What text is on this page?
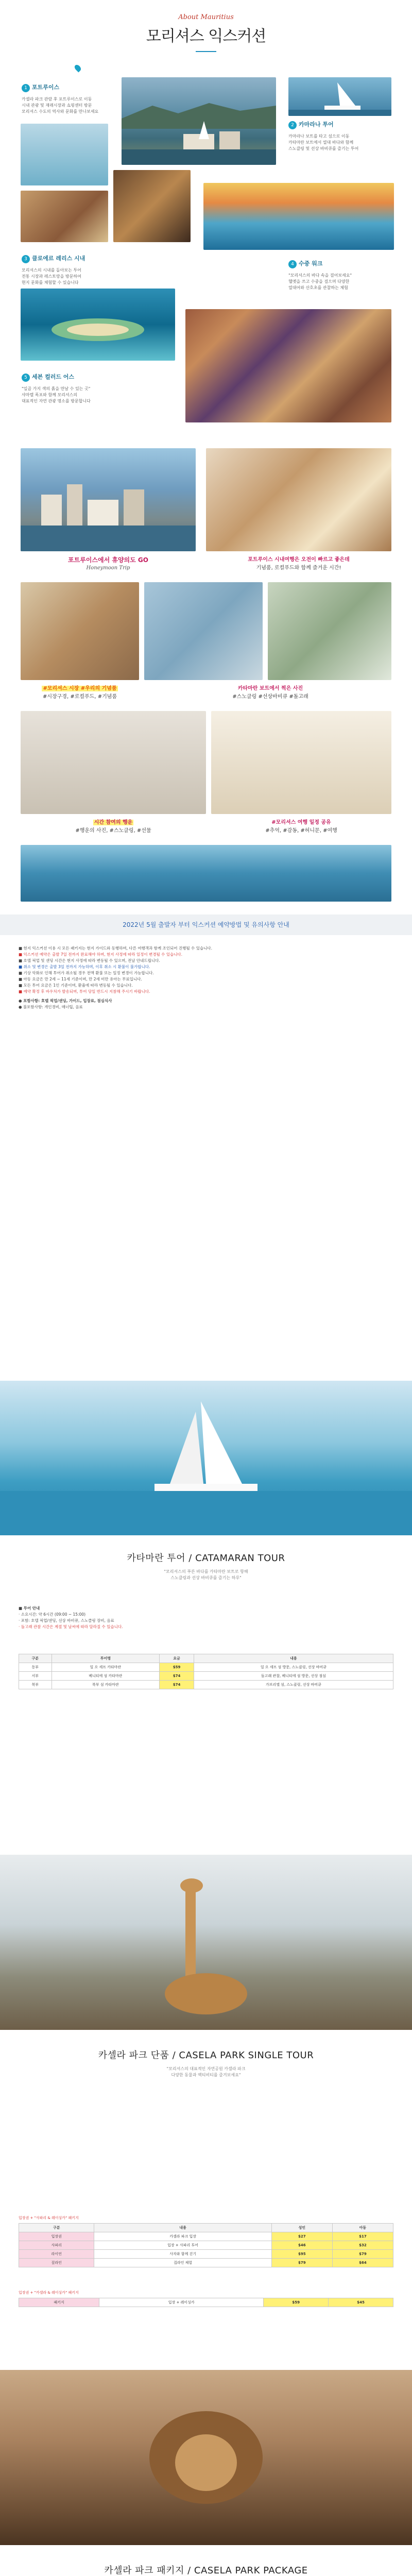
About Mauritius
모리셔스 익스커션
1 포트루이스
카셀라 파크 관람 후 포트루이스로 이동
시내 관광 및 재래시장과 쇼핑센터 방문
모리셔스 수도의 역사와 문화를 만나보세요
2 카마라나 투어
카마라나 보트를 타고 섬으로 이동
카타마란 보트에서 열대 바다와 함께
스노클링 및 선상 바비큐를 즐기는 투어
3 클로에르 레리스 시내
모리셔스의 시내를 돌아보는 투어
전통 시장과 레스토랑을 방문하여
현지 문화를 체험할 수 있습니다
4 수중 워크
"모리셔스의 바다 속을 걸어보세요"
헬멧을 쓰고 수중을 걸으며 다양한
열대어와 산호초를 관찰하는 체험
5 세븐 컬러드 어스
"일곱 가지 색의 흙을 만날 수 있는 곳"
샤마렐 폭포와 함께 모리셔스의
대표적인 자연 관광 명소를 방문합니다
포트루이스에서 휴양의도 GO
Honeymoon Trip
포트루이스 시내여행은 오전이 빠르고 좋은데
기념품, 로컬푸드와 함께 즐거운 시간!
#모리셔스 시장 #우리의 기념품
#시장구경, #로컬푸드, #기념품
카타마란 보트에서 찍은 사진
#스노클링 #선상바비큐 #돌고래
시간 참여의 행운
#행운의 사진, #스노클링, #선물
#모리셔스 여행 일정 공유
#추억, #감동, #허니문, #여행
2022년 5월 출발자 부터 익스커션 예약방법 및 유의사항 안내

■ 현지 익스커션 이용 시 모든 패키지는 현지 가이드와 동행하며, 다른 여행객과 함께 조인되어 진행될 수 있습니다.

■ 익스커션 예약은 출발 7일 전까지 완료해야 하며, 현지 사정에 따라 일정이 변경될 수 있습니다.

■ 호텔 픽업 및 샌딩 시간은 현지 사정에 따라 변동될 수 있으며, 전날 안내드립니다.

■ 취소 및 변경은 출발 3일 전까지 가능하며, 이후 취소 시 환불이 불가합니다.

■ 기상 악화로 인해 투어가 취소될 경우 전액 환불 또는 일정 변경이 가능합니다.

■ 아동 요금은 만 2세 ~ 11세 기준이며, 만 2세 미만 유아는 무료입니다.

■ 모든 투어 요금은 1인 기준이며, 환율에 따라 변동될 수 있습니다.

■ 예약 확정 후 바우처가 발송되며, 투어 당일 반드시 지참해 주시기 바랍니다.

● 포함사항: 호텔 픽업/샌딩, 가이드, 입장료, 점심식사

● 불포함사항: 개인경비, 매너팁, 음료

카타마란 투어 / CATAMARAN TOUR
"모리셔스의 푸른 바다를 카타마란 보트로 항해
스노클링과 선상 바비큐를 즐기는 하루"

■ 투어 안내

· 소요시간: 약 6시간 (09:00 ~ 15:00)

· 포함: 호텔 픽업/샌딩, 선상 바비큐, 스노클링 장비, 음료

· 돌고래 관찰 시간은 계절 및 날씨에 따라 달라질 수 있습니다.

구분	투어명	요금	내용
동부	일 오 세프 카타마란	$59	일 오 세프 섬 방문, 스노클링, 선상 바비큐
서부	베니티에 섬 카타마란	$74	돌고래 관찰, 베니티에 섬 방문, 선상 점심
북부	북부 섬 카타마란	$74	가브리엘 섬, 스노클링, 선상 바비큐
카셀라 파크 단품 / CASELA PARK SINGLE TOUR
"모리셔스의 대표적인 자연공원 카셀라 파크
다양한 동물과 액티비티를 즐겨보세요"
입장권 + "사파리 & 레이싱카" 패키지
구분	내용	성인	아동
입장권	카셀라 파크 입장	$27	$17
사파리	입장 + 사파리 투어	$46	$32
라이언	사자와 함께 걷기	$95	$79
짚라인	집라인 체험	$79	$64
입장권 + "카셀라 & 레이싱카" 패키지
패키지	입장 + 레이싱카	$59	$45
카셀라 파크 패키지 / CASELA PARK PACKAGE
